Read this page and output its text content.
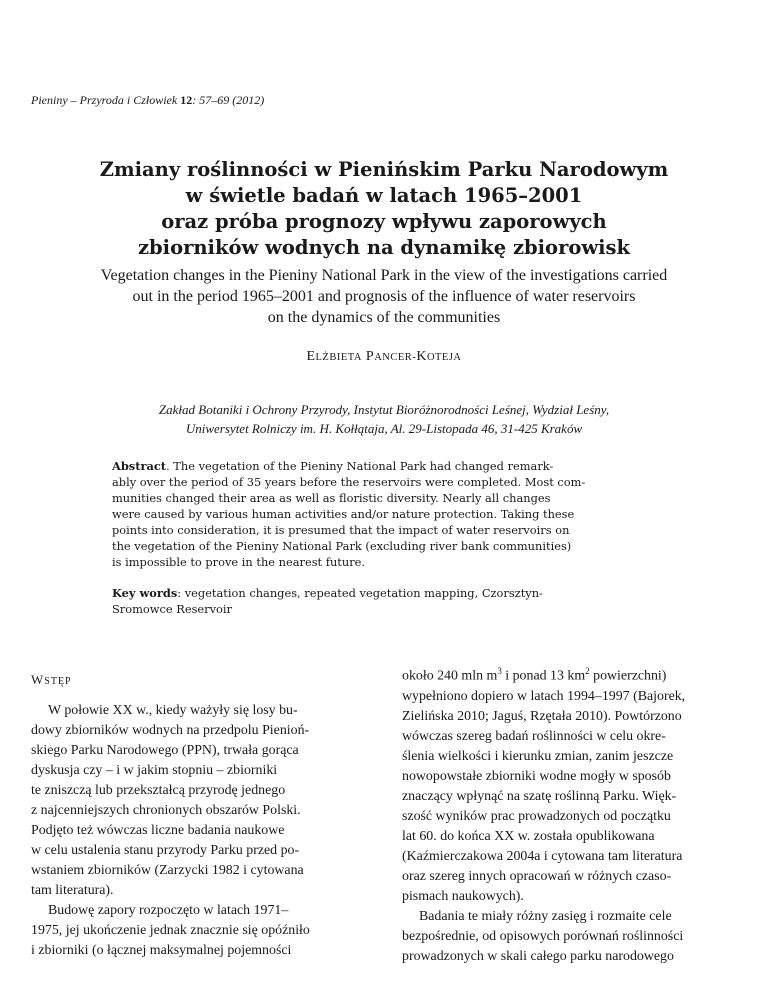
Pieniny – Przyroda i Człowiek 12: 57–69 (2012)
Zmiany roślinności w Pienińskim Parku Narodowym
w świetle badań w latach 1965–2001
oraz próba prognozy wpływu zaporowych
zbiorników wodnych na dynamikę zbiorowisk
Vegetation changes in the Pieniny National Park in the view of the investigations carried
out in the period 1965–2001 and prognosis of the influence of water reservoirs
on the dynamics of the communities
ELŻBIETA PANCER-KOTEJA
Zakład Botaniki i Ochrony Przyrody, Instytut Bioróżnorodności Leśnej, Wydział Leśny,
Uniwersytet Rolniczy im. H. Kołłątaja, Al. 29-Listopada 46, 31-425 Kraków
Abstract. The vegetation of the Pieniny National Park had changed remark-
ably over the period of 35 years before the reservoirs were completed. Most com-
munities changed their area as well as floristic diversity. Nearly all changes
were caused by various human activities and/or nature protection. Taking these
points into consideration, it is presumed that the impact of water reservoirs on
the vegetation of the Pieniny National Park (excluding river bank communities)
is impossible to prove in the nearest future.
Key words: vegetation changes, repeated vegetation mapping, Czorsztyn-
Sromowce Reservoir
WSTĘP
W połowie XX w., kiedy ważyły się losy bu-
dowy zbiorników wodnych na przedpolu Pienioń-
skiego Parku Narodowego (PPN), trwała gorąca
dyskusja czy – i w jakim stopniu – zbiorniki
te zniszczą lub przekształcą przyrodę jednego
z najcenniejszych chronionych obszarów Polski.
Podjęto też wówczas liczne badania naukowe
w celu ustalenia stanu przyrody Parku przed po-
wstaniem zbiorników (Zarzycki 1982 i cytowana
tam literatura).
Budowę zapory rozpoczęto w latach 1971–
1975, jej ukończenie jednak znacznie się opóźniło
i zbiorniki (o łącznej maksymalnej pojemności
około 240 mln $m^3$ i ponad 13 $km^2$ powierzchni)
wypełniono dopiero w latach 1994–1997 (Bajorek,
Zielińska 2010; Jaguś, Rzętała 2010). Powtórzono
wówczas szereg badań roślinności w celu okre-
ślenia wielkości i kierunku zmian, zanim jeszcze
nowopowstałe zbiorniki wodne mogły w sposób
znaczący wpłynąć na szatę roślinną Parku. Więk-
szość wyników prac prowadzonych od początku
lat 60. do końca XX w. została opublikowana
(Kaźmierczakowa 2004a i cytowana tam literatura
oraz szereg innych opracowań w różnych czaso-
pismach naukowych).
Badania te miały różny zasięg i rozmaite cele
bezpośrednie, od opisowych porównań roślinności
prowadzonych w skali całego parku narodowego
